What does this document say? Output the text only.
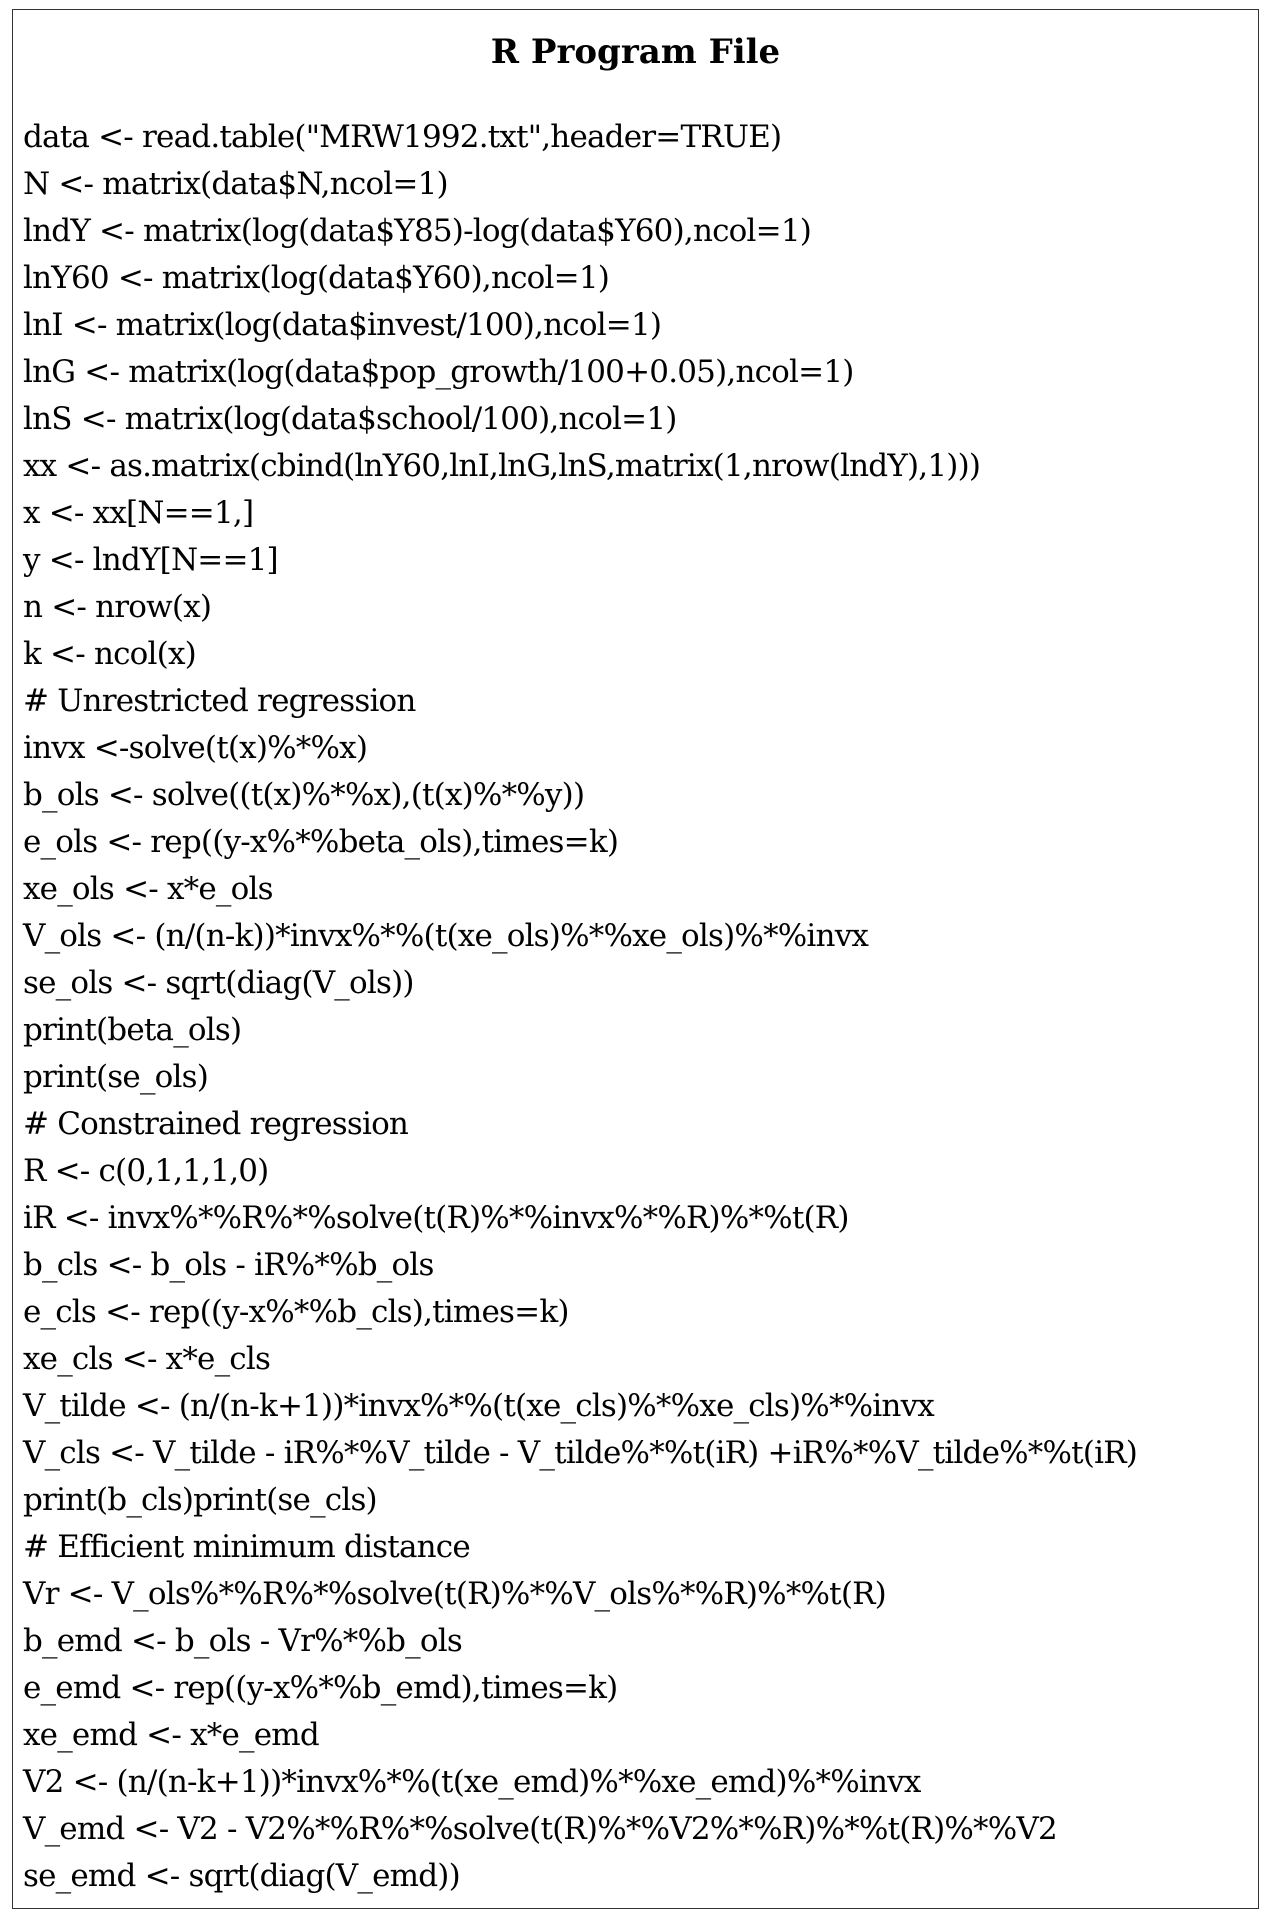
R Program File
data <- read.table("MRW1992.txt",header=TRUE)
N <- matrix(data$N,ncol=1)
lndY <- matrix(log(data$Y85)-log(data$Y60),ncol=1)
lnY60 <- matrix(log(data$Y60),ncol=1)
lnI <- matrix(log(data$invest/100),ncol=1)
lnG <- matrix(log(data$pop_growth/100+0.05),ncol=1)
lnS <- matrix(log(data$school/100),ncol=1)
xx <- as.matrix(cbind(lnY60,lnI,lnG,lnS,matrix(1,nrow(lndY),1)))
x <- xx[N==1,]
y <- lndY[N==1]
n <- nrow(x)
k <- ncol(x)
# Unrestricted regression
invx <-solve(t(x)%*%x)
b_ols <- solve((t(x)%*%x),(t(x)%*%y))
e_ols <- rep((y-x%*%beta_ols),times=k)
xe_ols <- x*e_ols
V_ols <- (n/(n-k))*invx%*%(t(xe_ols)%*%xe_ols)%*%invx
se_ols <- sqrt(diag(V_ols))
print(beta_ols)
print(se_ols)
# Constrained regression
R <- c(0,1,1,1,0)
iR <- invx%*%R%*%solve(t(R)%*%invx%*%R)%*%t(R)
b_cls <- b_ols - iR%*%b_ols
e_cls <- rep((y-x%*%b_cls),times=k)
xe_cls <- x*e_cls
V_tilde <- (n/(n-k+1))*invx%*%(t(xe_cls)%*%xe_cls)%*%invx
V_cls <- V_tilde - iR%*%V_tilde - V_tilde%*%t(iR) +iR%*%V_tilde%*%t(iR)
print(b_cls)print(se_cls)
# Efficient minimum distance
Vr <- V_ols%*%R%*%solve(t(R)%*%V_ols%*%R)%*%t(R)
b_emd <- b_ols - Vr%*%b_ols
e_emd <- rep((y-x%*%b_emd),times=k)
xe_emd <- x*e_emd
V2 <- (n/(n-k+1))*invx%*%(t(xe_emd)%*%xe_emd)%*%invx
V_emd <- V2 - V2%*%R%*%solve(t(R)%*%V2%*%R)%*%t(R)%*%V2
se_emd <- sqrt(diag(V_emd))
